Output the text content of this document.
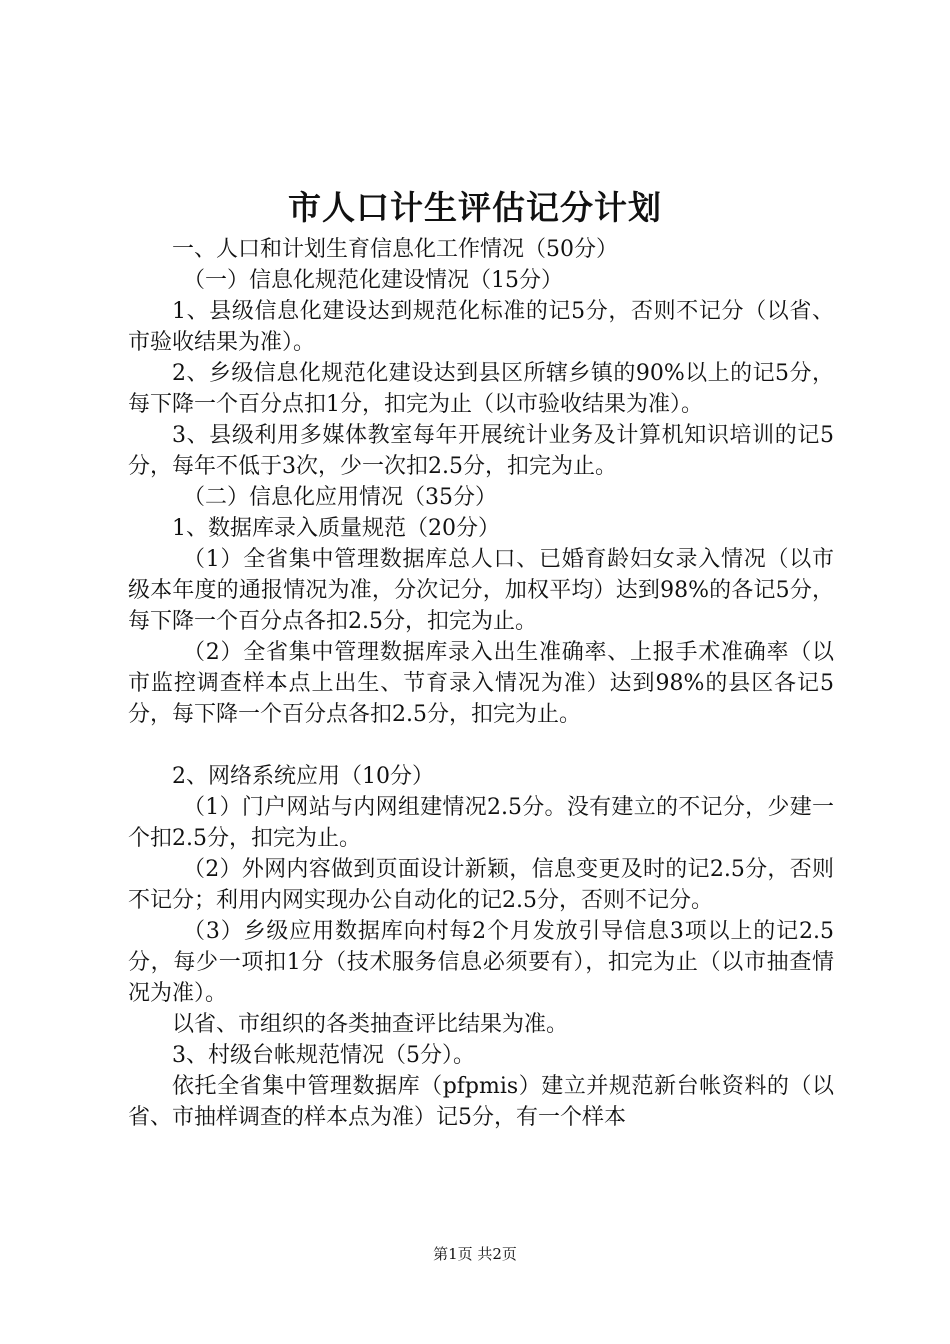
市人口计生评估记分计划

一、人口和计划生育信息化工作情况（50分）

（一）信息化规范化建设情况（15分）

1、县级信息化建设达到规范化标准的记5分，否则不记分（以省、市验收结果为准）。

2、乡级信息化规范化建设达到县区所辖乡镇的90%以上的记5分，每下降一个百分点扣1分，扣完为止（以市验收结果为准）。

3、县级利用多媒体教室每年开展统计业务及计算机知识培训的记5分，每年不低于3次，少一次扣2.5分，扣完为止。

（二）信息化应用情况（35分）

1、数据库录入质量规范（20分）

（1）全省集中管理数据库总人口、已婚育龄妇女录入情况（以市级本年度的通报情况为准，分次记分，加权平均）达到98%的各记5分，每下降一个百分点各扣2.5分，扣完为止。

（2）全省集中管理数据库录入出生准确率、上报手术准确率（以市监控调查样本点上出生、节育录入情况为准）达到98%的县区各记5分，每下降一个百分点各扣2.5分，扣完为止。

2、网络系统应用（10分）

（1）门户网站与内网组建情况2.5分。没有建立的不记分，少建一个扣2.5分，扣完为止。

（2）外网内容做到页面设计新颖，信息变更及时的记2.5分，否则不记分；利用内网实现办公自动化的记2.5分，否则不记分。

（3）乡级应用数据库向村每2个月发放引导信息3项以上的记2.5分，每少一项扣1分（技术服务信息必须要有），扣完为止（以市抽查情况为准）。

以省、市组织的各类抽查评比结果为准。

3、村级台帐规范情况（5分）。

依托全省集中管理数据库（pfpmis）建立并规范新台帐资料的（以省、市抽样调查的样本点为准）记5分，有一个样本

第1页 共2页
